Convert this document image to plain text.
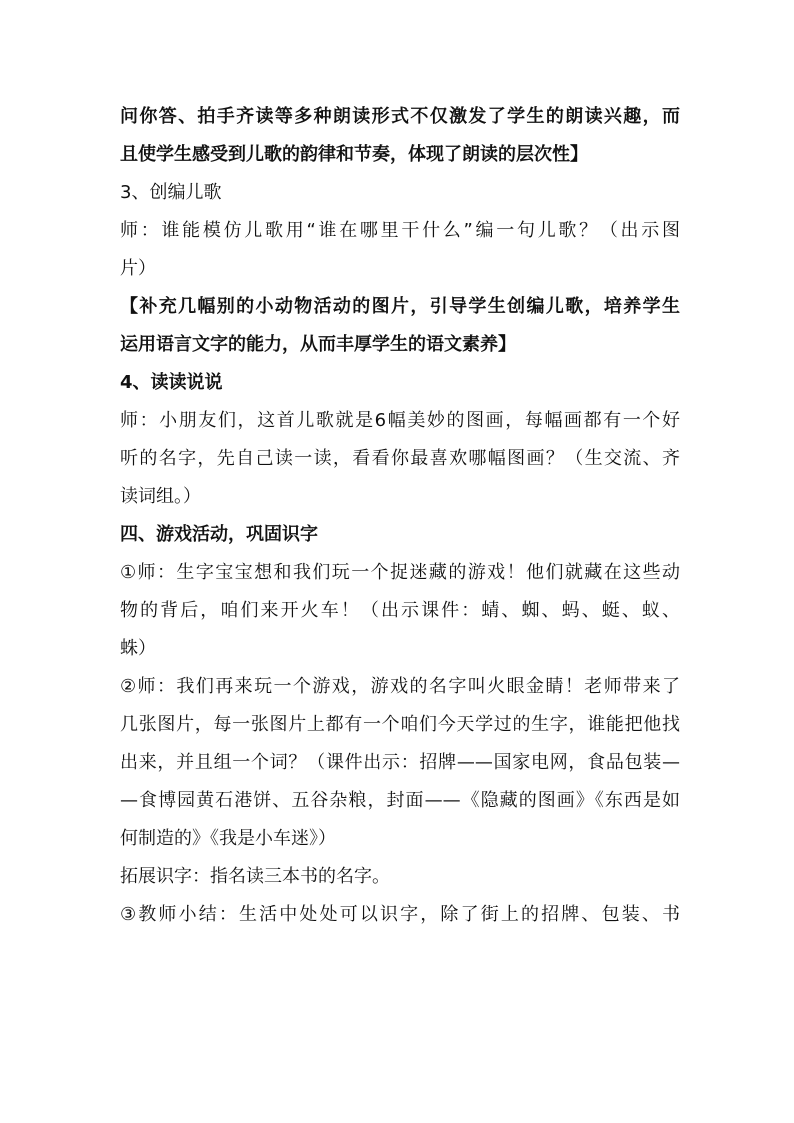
问你答、拍手齐读等多种朗读形式不仅激发了学生的朗读兴趣，而
且使学生感受到儿歌的韵律和节奏，体现了朗读的层次性】
3、创编儿歌
师：谁能模仿儿歌用“谁在哪里干什么”编一句儿歌？（出示图
片）
【补充几幅别的小动物活动的图片，引导学生创编儿歌，培养学生
运用语言文字的能力，从而丰厚学生的语文素养】
4、读读说说
师：小朋友们，这首儿歌就是6幅美妙的图画，每幅画都有一个好
听的名字，先自己读一读，看看你最喜欢哪幅图画？（生交流、齐
读词组。）
四、游戏活动，巩固识字
①师：生字宝宝想和我们玩一个捉迷藏的游戏！他们就藏在这些动
物的背后，咱们来开火车！（出示课件：蜻、蜘、蚂、蜓、蚁、
蛛）
②师：我们再来玩一个游戏，游戏的名字叫火眼金睛！老师带来了
几张图片，每一张图片上都有一个咱们今天学过的生字，谁能把他找
出来，并且组一个词？（课件出示：招牌——国家电网，食品包装—
—食博园黄石港饼、五谷杂粮，封面——《隐藏的图画》《东西是如
何制造的》《我是小车迷》）
拓展识字：指名读三本书的名字。
③教师小结：生活中处处可以识字，除了街上的招牌、包装、书
